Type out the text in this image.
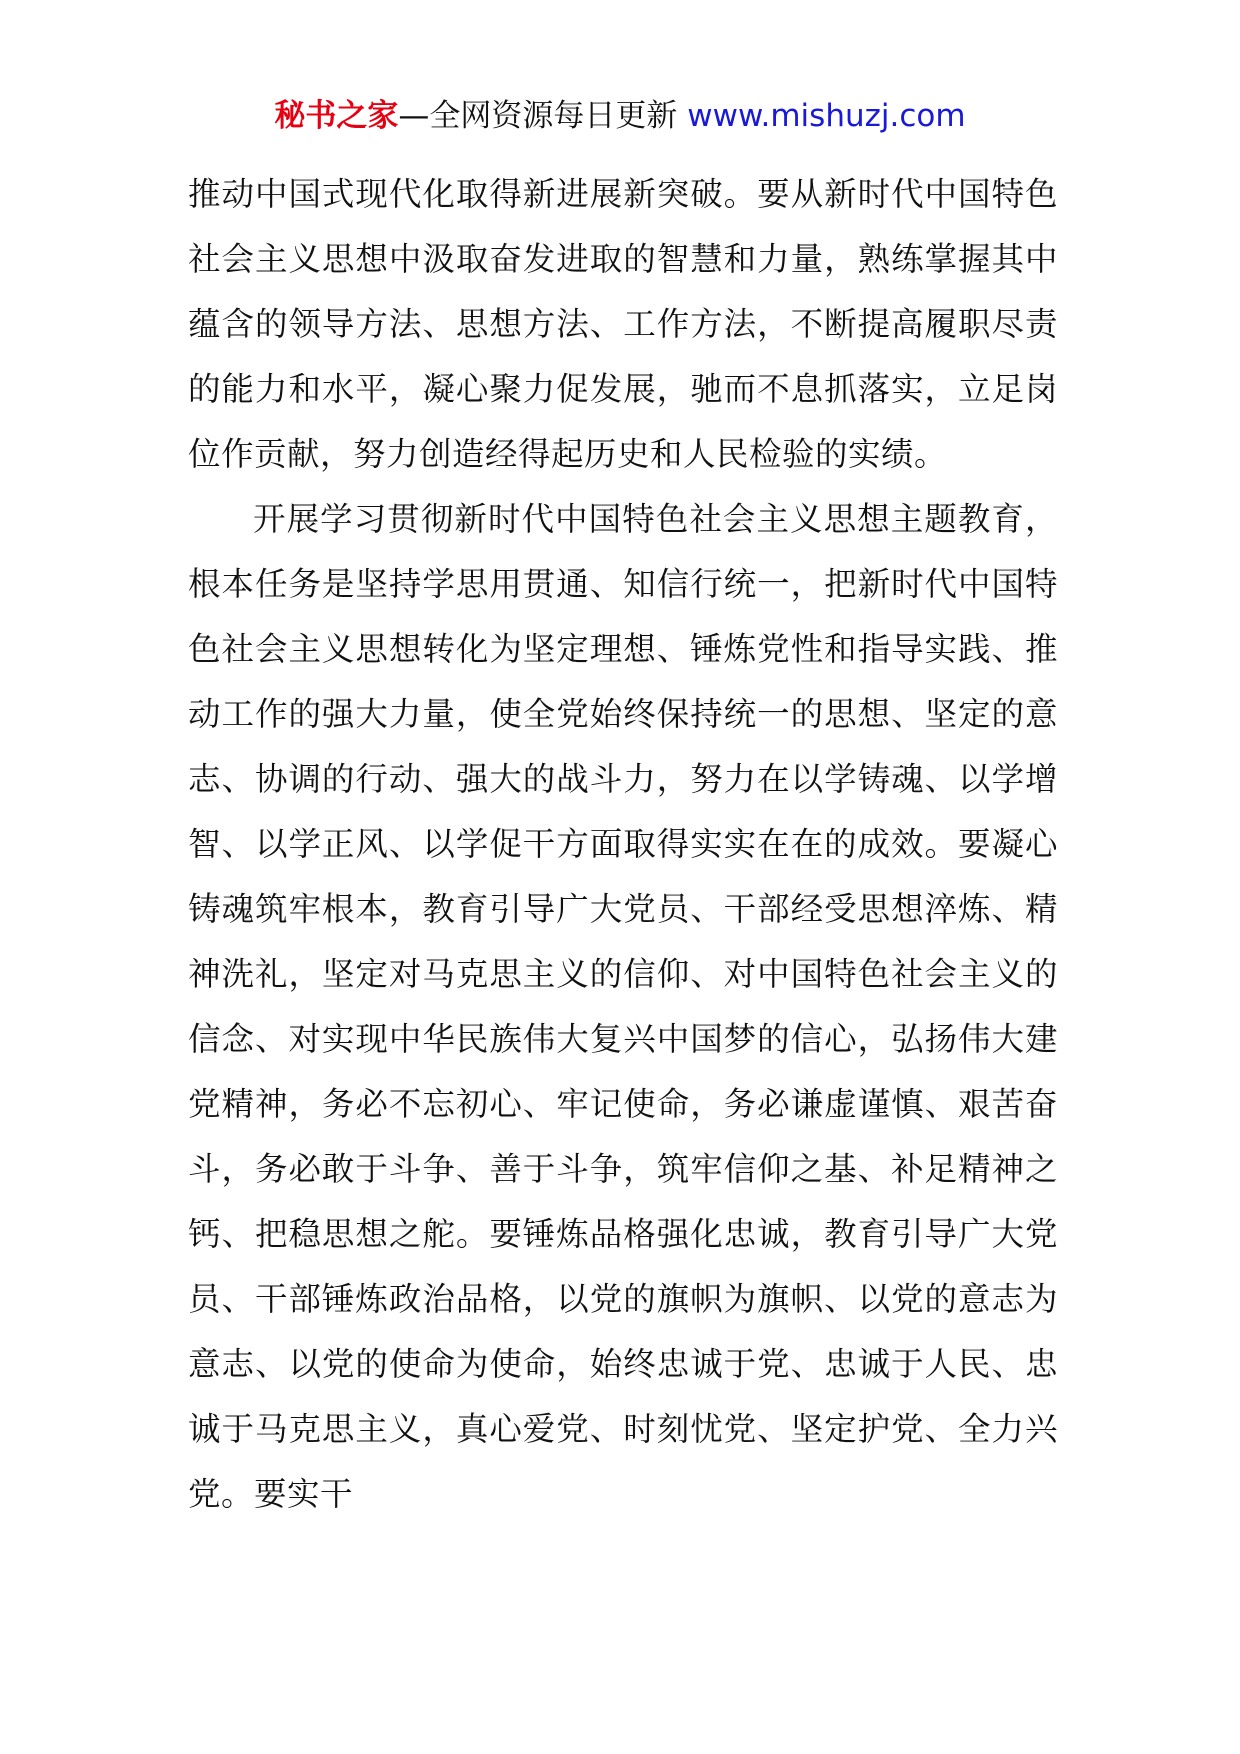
秘书之家—全网资源每日更新 www.mishuzj.com

推动中国式现代化取得新进展新突破。要从新时代中国特色社会主义思想中汲取奋发进取的智慧和力量，熟练掌握其中蕴含的领导方法、思想方法、工作方法，不断提高履职尽责的能力和水平，凝心聚力促发展，驰而不息抓落实，立足岗位作贡献，努力创造经得起历史和人民检验的实绩。

开展学习贯彻新时代中国特色社会主义思想主题教育，根本任务是坚持学思用贯通、知信行统一，把新时代中国特色社会主义思想转化为坚定理想、锤炼党性和指导实践、推动工作的强大力量，使全党始终保持统一的思想、坚定的意志、协调的行动、强大的战斗力，努力在以学铸魂、以学增智、以学正风、以学促干方面取得实实在在的成效。要凝心铸魂筑牢根本，教育引导广大党员、干部经受思想淬炼、精神洗礼，坚定对马克思主义的信仰、对中国特色社会主义的信念、对实现中华民族伟大复兴中国梦的信心，弘扬伟大建党精神，务必不忘初心、牢记使命，务必谦虚谨慎、艰苦奋斗，务必敢于斗争、善于斗争，筑牢信仰之基、补足精神之钙、把稳思想之舵。要锤炼品格强化忠诚，教育引导广大党员、干部锤炼政治品格，以党的旗帜为旗帜、以党的意志为意志、以党的使命为使命，始终忠诚于党、忠诚于人民、忠诚于马克思主义，真心爱党、时刻忧党、坚定护党、全力兴党。要实干
